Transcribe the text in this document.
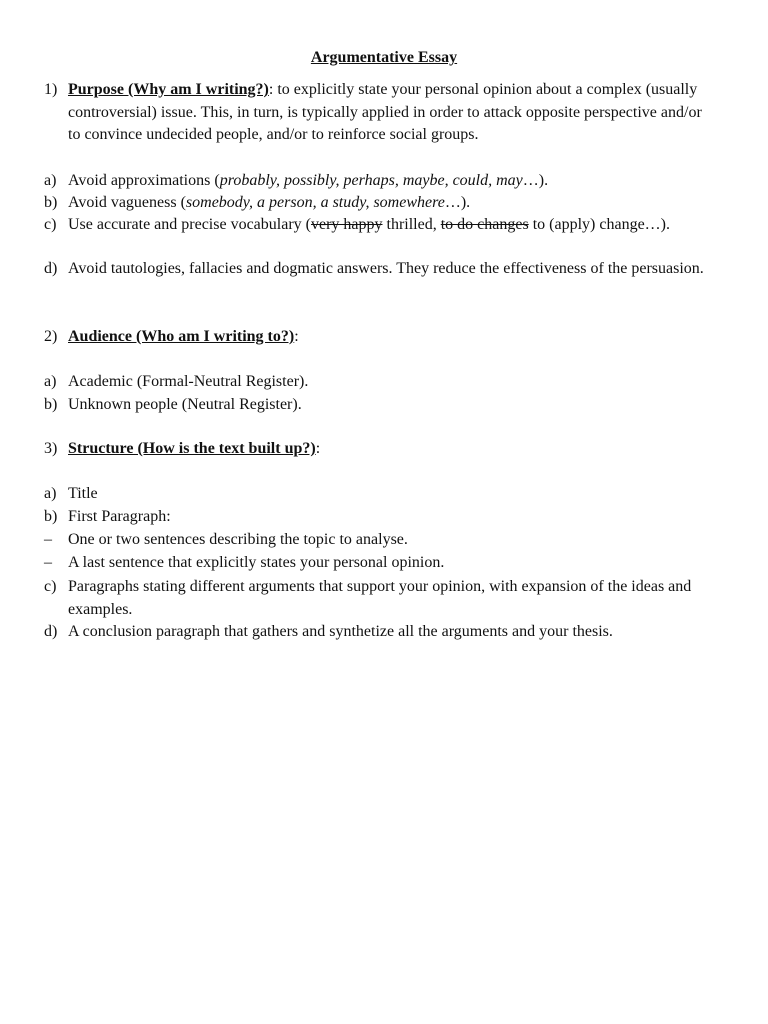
Argumentative Essay
1) Purpose (Why am I writing?): to explicitly state your personal opinion about a complex (usually controversial) issue. This, in turn, is typically applied in order to attack opposite perspective and/or to convince undecided people, and/or to reinforce social groups.
a) Avoid approximations (probably, possibly, perhaps, maybe, could, may…).
b) Avoid vagueness (somebody, a person, a study, somewhere…).
c) Use accurate and precise vocabulary (very happy thrilled, to do changes to (apply) change…).
d) Avoid tautologies, fallacies and dogmatic answers. They reduce the effectiveness of the persuasion.
2) Audience (Who am I writing to?):
a) Academic (Formal-Neutral Register).
b) Unknown people (Neutral Register).
3) Structure (How is the text built up?):
a) Title
b) First Paragraph:
–	One or two sentences describing the topic to analyse.
–	A last sentence that explicitly states your personal opinion.
c) Paragraphs stating different arguments that support your opinion, with expansion of the ideas and examples.
d) A conclusion paragraph that gathers and synthetize all the arguments and your thesis.
